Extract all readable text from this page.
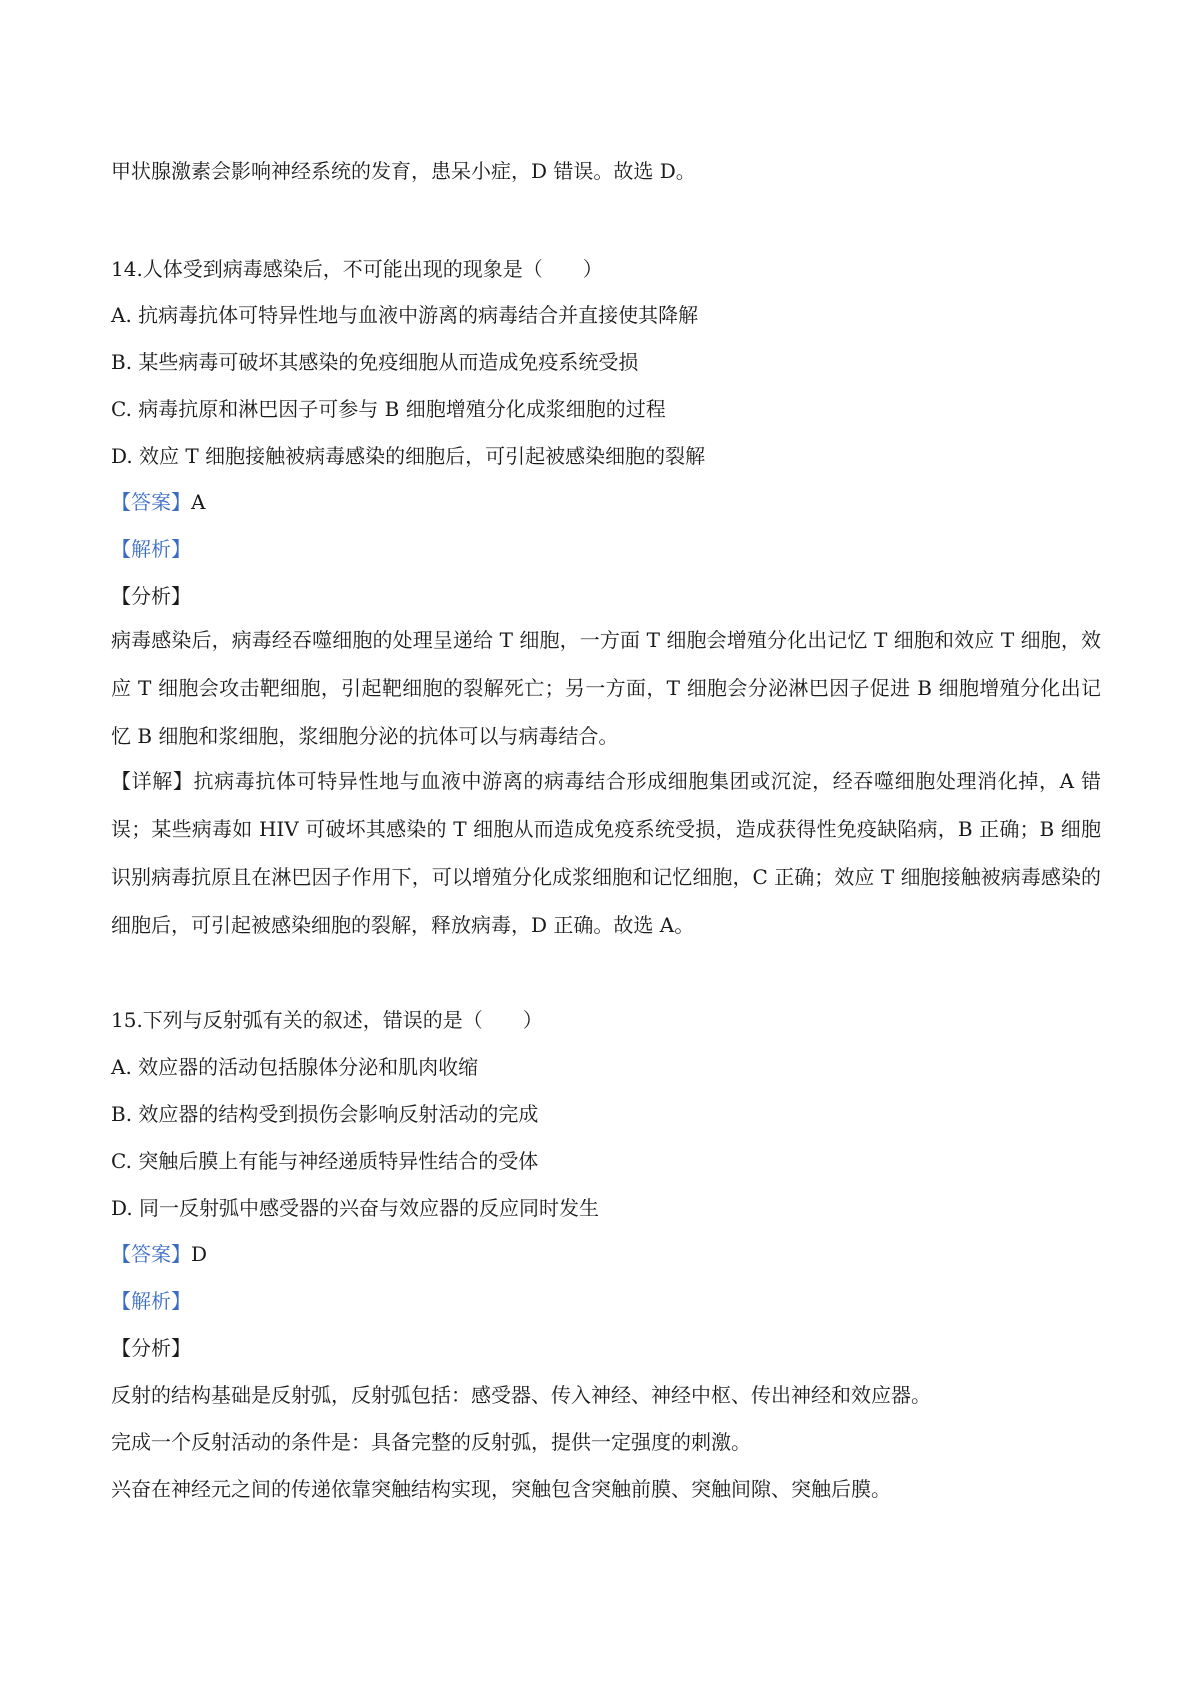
甲状腺激素会影响神经系统的发育，患呆小症，D 错误。故选 D。
14.人体受到病毒感染后，不可能出现的现象是（　　）
A. 抗病毒抗体可特异性地与血液中游离的病毒结合并直接使其降解
B. 某些病毒可破坏其感染的免疫细胞从而造成免疫系统受损
C. 病毒抗原和淋巴因子可参与 B 细胞增殖分化成浆细胞的过程
D. 效应 T 细胞接触被病毒感染的细胞后，可引起被感染细胞的裂解
【答案】A
【解析】
【分析】
病毒感染后，病毒经吞噬细胞的处理呈递给 T 细胞，一方面 T 细胞会增殖分化出记忆 T 细胞和效应 T 细胞，效应 T 细胞会攻击靶细胞，引起靶细胞的裂解死亡；另一方面，T 细胞会分泌淋巴因子促进 B 细胞增殖分化出记忆 B 细胞和浆细胞，浆细胞分泌的抗体可以与病毒结合。
【详解】抗病毒抗体可特异性地与血液中游离的病毒结合形成细胞集团或沉淀，经吞噬细胞处理消化掉，A 错误；某些病毒如 HIV 可破坏其感染的 T 细胞从而造成免疫系统受损，造成获得性免疫缺陷病，B 正确；B 细胞识别病毒抗原且在淋巴因子作用下，可以增殖分化成浆细胞和记忆细胞，C 正确；效应 T 细胞接触被病毒感染的细胞后，可引起被感染细胞的裂解，释放病毒，D 正确。故选 A。
15.下列与反射弧有关的叙述，错误的是（　　）
A. 效应器的活动包括腺体分泌和肌肉收缩
B. 效应器的结构受到损伤会影响反射活动的完成
C. 突触后膜上有能与神经递质特异性结合的受体
D. 同一反射弧中感受器的兴奋与效应器的反应同时发生
【答案】D
【解析】
【分析】
反射的结构基础是反射弧，反射弧包括：感受器、传入神经、神经中枢、传出神经和效应器。
完成一个反射活动的条件是：具备完整的反射弧，提供一定强度的刺激。
兴奋在神经元之间的传递依靠突触结构实现，突触包含突触前膜、突触间隙、突触后膜。
